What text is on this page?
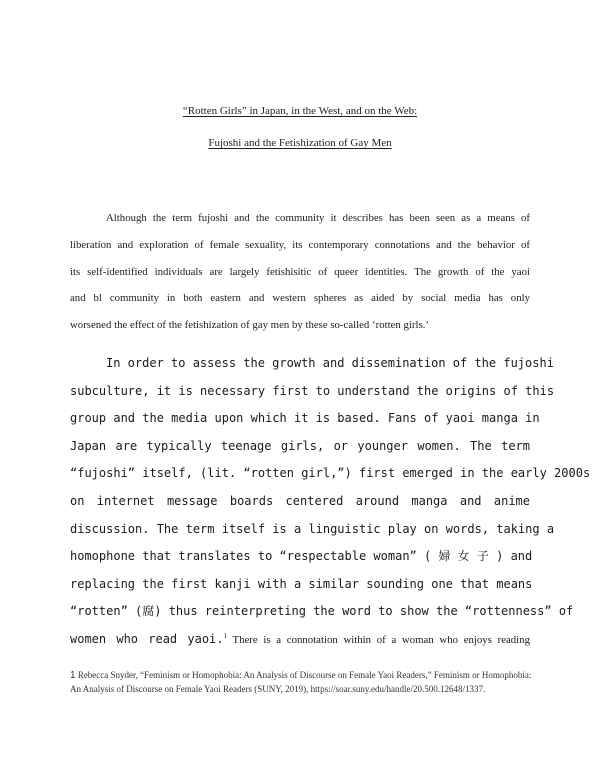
“Rotten Girls” in Japan, in the West, and on the Web:
Fujoshi and the Fetishization of Gay Men
Although the term fujoshi and the community it describes has been seen as a means of
liberation and exploration of female sexuality, its contemporary connotations and the behavior of
its self-identified individuals are largely fetishisitic of queer identities. The growth of the yaoi
and bl community in both eastern and western spheres as aided by social media has only
worsened the effect of the fetishization of gay men by these so-called ‘rotten girls.’
In order to assess the growth and dissemination of the fujoshi
subculture, it is necessary first to understand the origins of this
group and the media upon which it is based. Fans of yaoi manga in
Japan are typically teenage girls, or younger women. The term
“fujoshi” itself, (lit. “rotten girl,”) first emerged in the early 2000s
on internet message boards centered around manga and anime
discussion. The term itself is a linguistic play on words, taking a
homophone that translates to “respectable woman” ( 婦 女 子 ) and
replacing the first kanji with a similar sounding one that means
“rotten” (腐) thus reinterpreting the word to show the “rottenness” of
women who read yaoi.$^1$ There is a connotation within of a woman who enjoys reading
1 Rebecca Snyder, “Feminism or Homophobia: An Analysis of Discourse on Female Yaoi Readers,” Feminism or Homophobia: An Analysis of Discourse on Female Yaoi Readers (SUNY, 2019), https://soar.suny.edu/handle/20.500.12648/1337.
